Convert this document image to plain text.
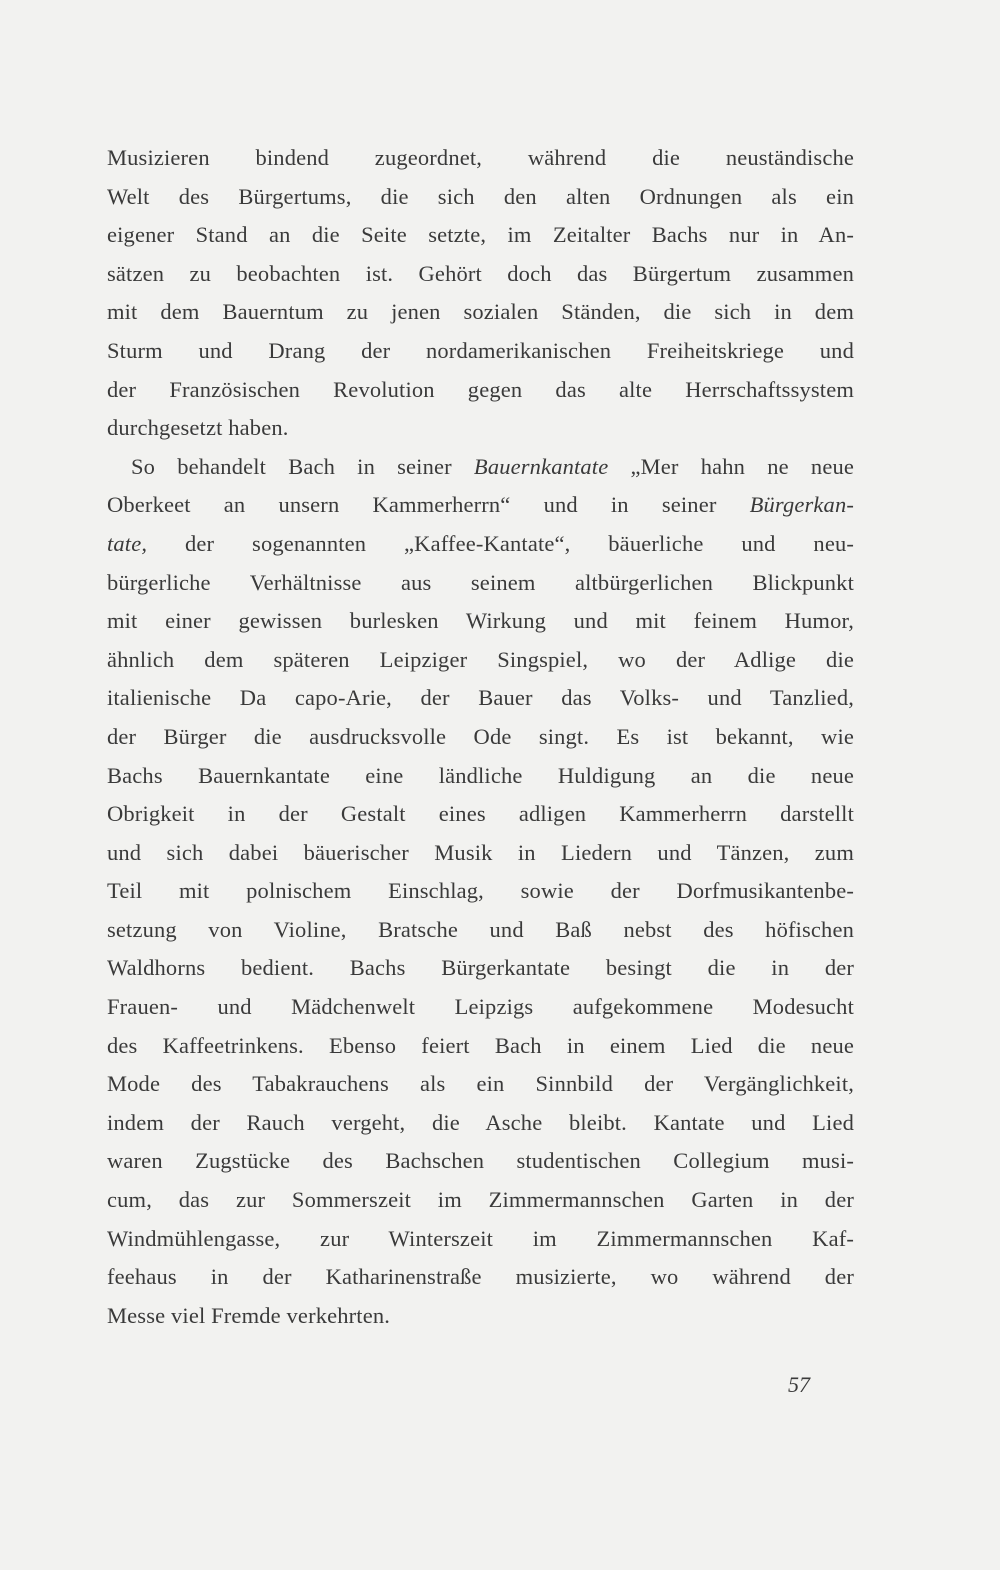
Musizieren bindend zugeordnet, während die neuständische
Welt des Bürgertums, die sich den alten Ordnungen als ein
eigener Stand an die Seite setzte, im Zeitalter Bachs nur in An-
sätzen zu beobachten ist. Gehört doch das Bürgertum zusammen
mit dem Bauerntum zu jenen sozialen Ständen, die sich in dem
Sturm und Drang der nordamerikanischen Freiheitskriege und
der Französischen Revolution gegen das alte Herrschaftssystem
durchgesetzt haben.
So behandelt Bach in seiner Bauernkantate „Mer hahn ne neue
Oberkeet an unsern Kammerherrn“ und in seiner Bürgerkan-
tate, der sogenannten „Kaffee-Kantate“, bäuerliche und neu-
bürgerliche Verhältnisse aus seinem altbürgerlichen Blickpunkt
mit einer gewissen burlesken Wirkung und mit feinem Humor,
ähnlich dem späteren Leipziger Singspiel, wo der Adlige die
italienische Da capo-Arie, der Bauer das Volks- und Tanzlied,
der Bürger die ausdrucksvolle Ode singt. Es ist bekannt, wie
Bachs Bauernkantate eine ländliche Huldigung an die neue
Obrigkeit in der Gestalt eines adligen Kammerherrn darstellt
und sich dabei bäuerischer Musik in Liedern und Tänzen, zum
Teil mit polnischem Einschlag, sowie der Dorfmusikantenbe-
setzung von Violine, Bratsche und Baß nebst des höfischen
Waldhorns bedient. Bachs Bürgerkantate besingt die in der
Frauen- und Mädchenwelt Leipzigs aufgekommene Modesucht
des Kaffeetrinkens. Ebenso feiert Bach in einem Lied die neue
Mode des Tabakrauchens als ein Sinnbild der Vergänglichkeit,
indem der Rauch vergeht, die Asche bleibt. Kantate und Lied
waren Zugstücke des Bachschen studentischen Collegium musi-
cum, das zur Sommerszeit im Zimmermannschen Garten in der
Windmühlengasse, zur Winterszeit im Zimmermannschen Kaf-
feehaus in der Katharinenstraße musizierte, wo während der
Messe viel Fremde verkehrten.
57
